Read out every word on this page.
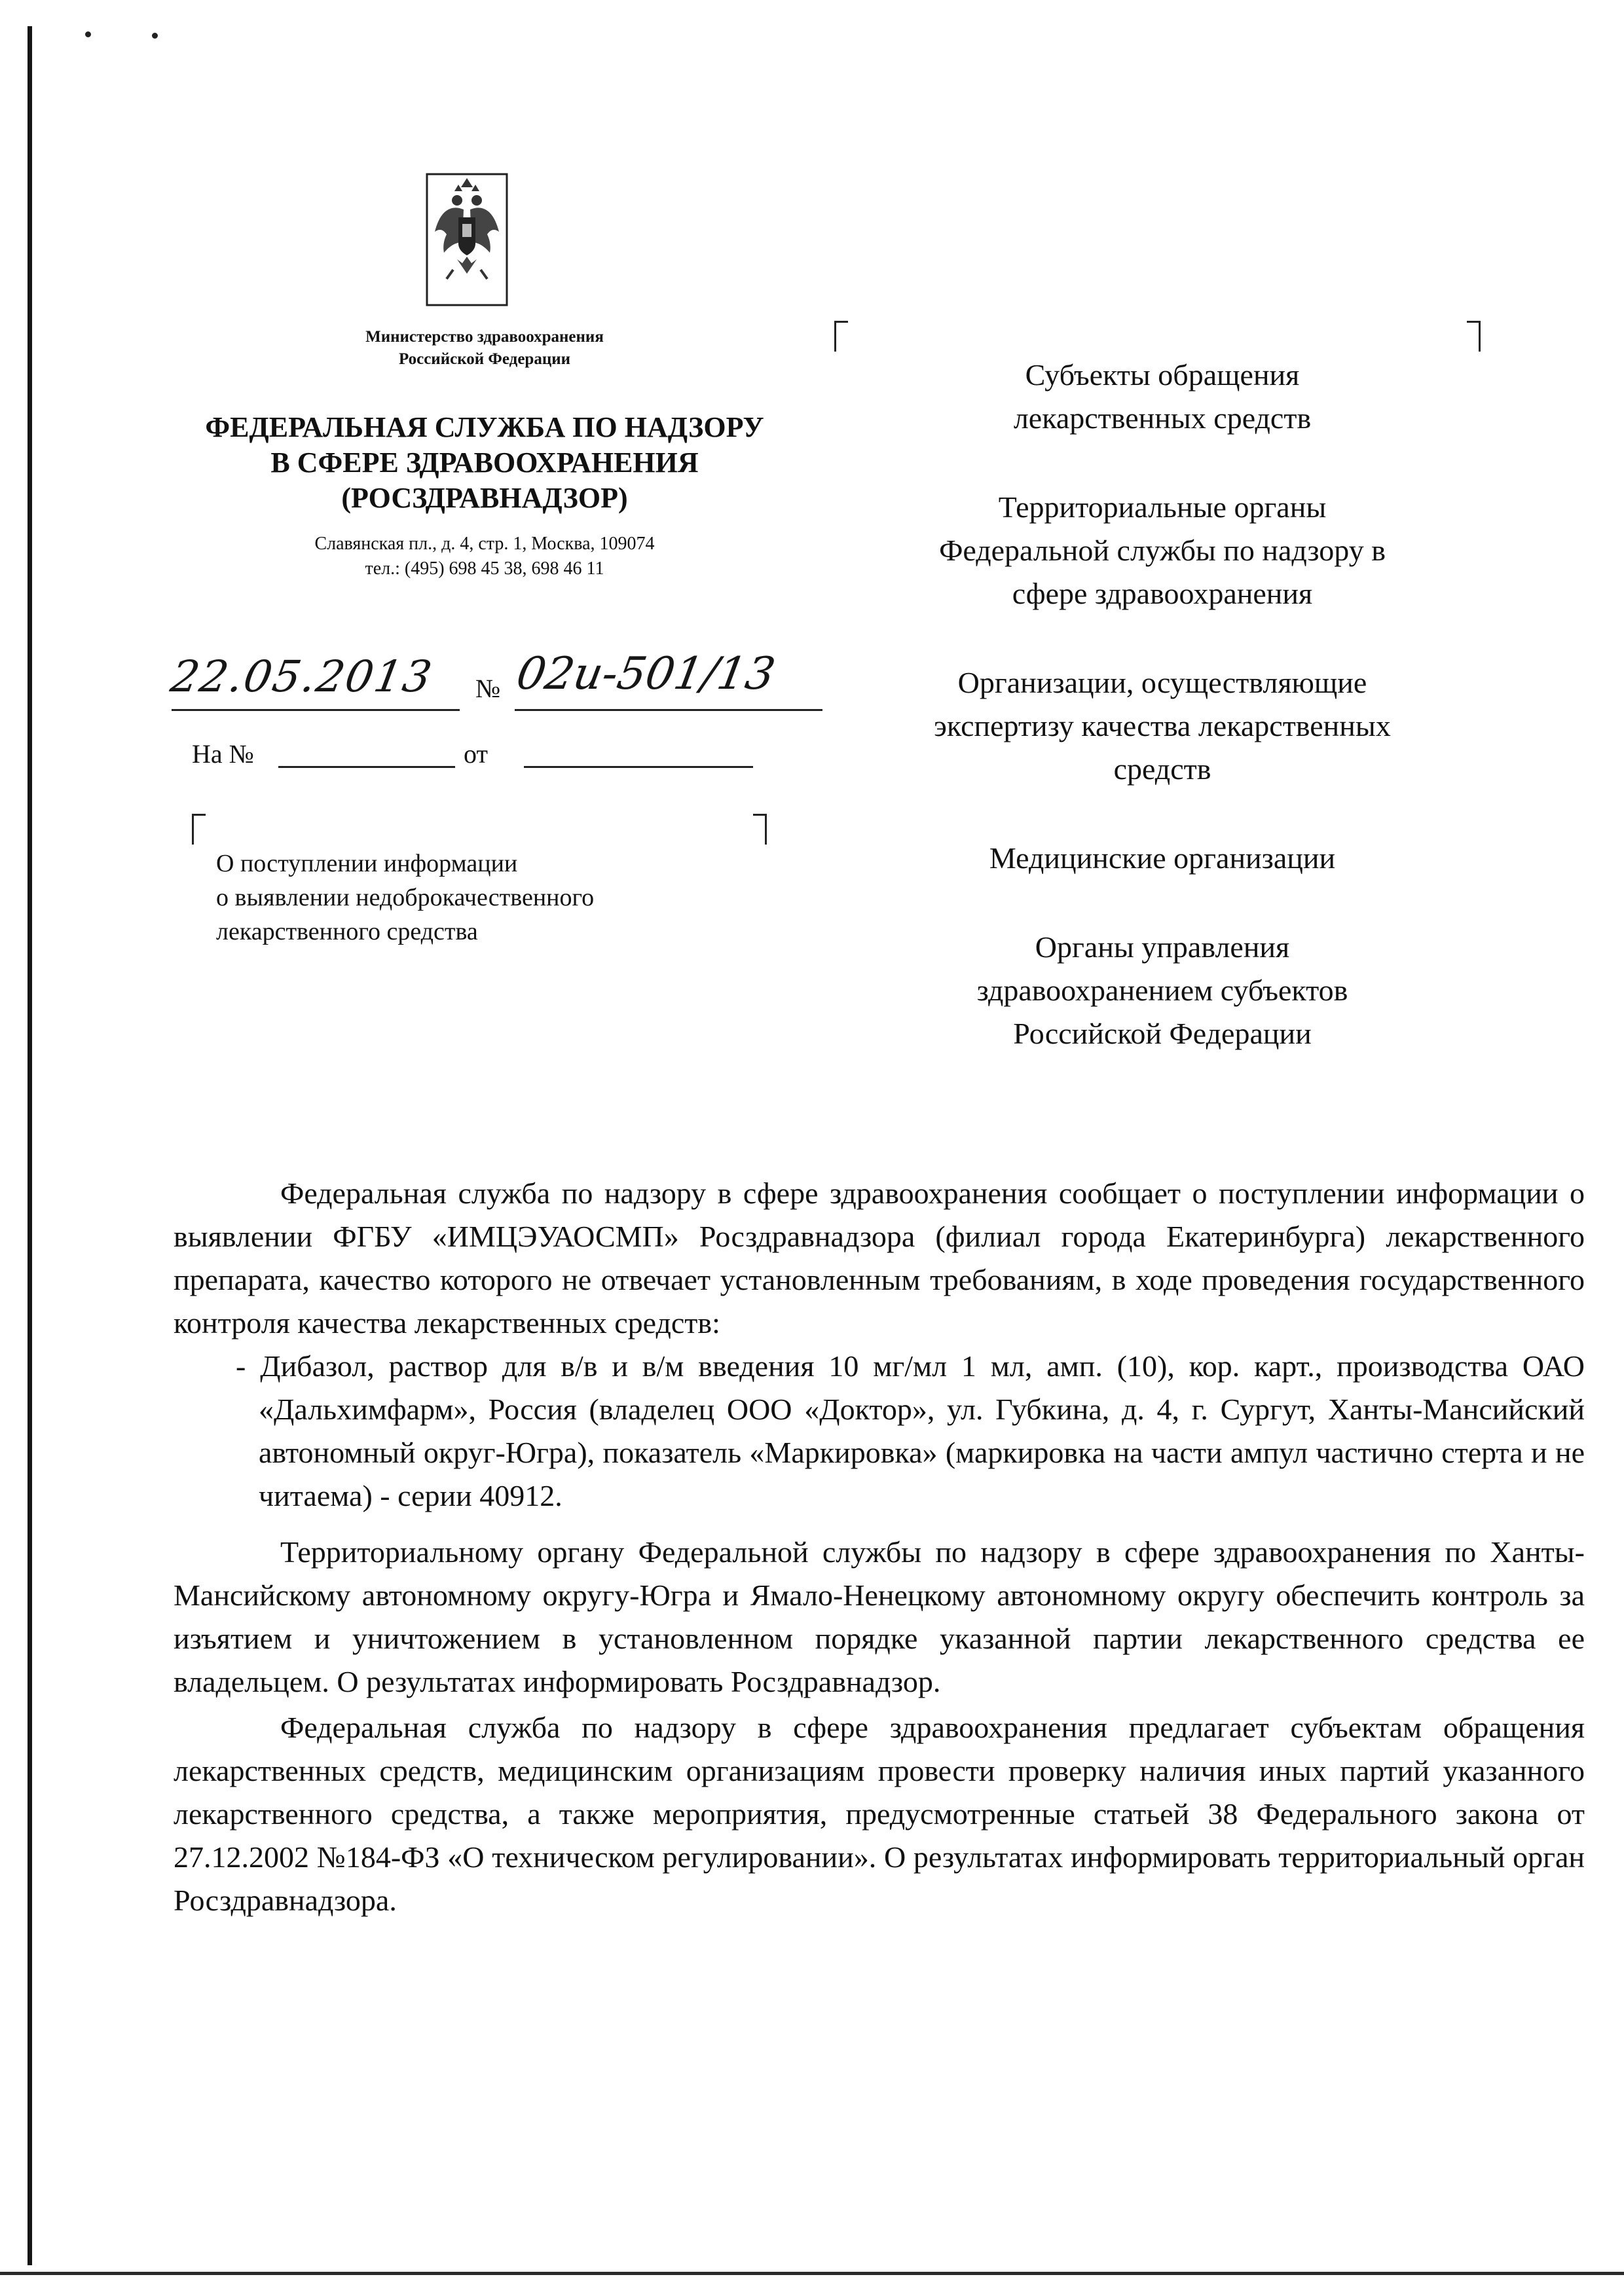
Министерство здравоохранения
Российской Федерации
ФЕДЕРАЛЬНАЯ СЛУЖБА ПО НАДЗОРУ
В СФЕРЕ ЗДРАВООХРАНЕНИЯ
(РОСЗДРАВНАДЗОР)
Славянская пл., д. 4, стр. 1, Москва, 109074
тел.: (495) 698 45 38, 698 46 11
22.05.2013 № 02и-501/13
На №	от
О поступлении информации
о выявлении недоброкачественного
лекарственного средства
Субъекты обращения
лекарственных средств
Территориальные органы
Федеральной службы по надзору в
сфере здравоохранения
Организации, осуществляющие
экспертизу качества лекарственных
средств
Медицинские организации
Органы управления
здравоохранением субъектов
Российской Федерации

Федеральная служба по надзору в сфере здравоохранения сообщает о поступлении информации о выявлении ФГБУ «ИМЦЭУАОСМП» Росздравнадзора (филиал города Екатеринбурга) лекарственного препарата, качество которого не отвечает установленным требованиям, в ходе проведения государственного контроля качества лекарственных средств:

- Дибазол, раствор для в/в и в/м введения 10 мг/мл 1 мл, амп. (10), кор. карт., производства ОАО «Дальхимфарм», Россия (владелец ООО «Доктор», ул. Губкина, д. 4, г. Сургут, Ханты-Мансийский автономный округ-Югра), показатель «Маркировка» (маркировка на части ампул частично стерта и не читаема) - серии 40912.

Территориальному органу Федеральной службы по надзору в сфере здравоохранения по Ханты-Мансийскому автономному округу-Югра и Ямало-Ненецкому автономному округу обеспечить контроль за изъятием и уничтожением в установленном порядке указанной партии лекарственного средства ее владельцем. О результатах информировать Росздравнадзор.

Федеральная служба по надзору в сфере здравоохранения предлагает субъектам обращения лекарственных средств, медицинским организациям провести проверку наличия иных партий указанного лекарственного средства, а также мероприятия, предусмотренные статьей 38 Федерального закона от 27.12.2002 №184-ФЗ «О техническом регулировании». О результатах информировать территориальный орган Росздравнадзора.
